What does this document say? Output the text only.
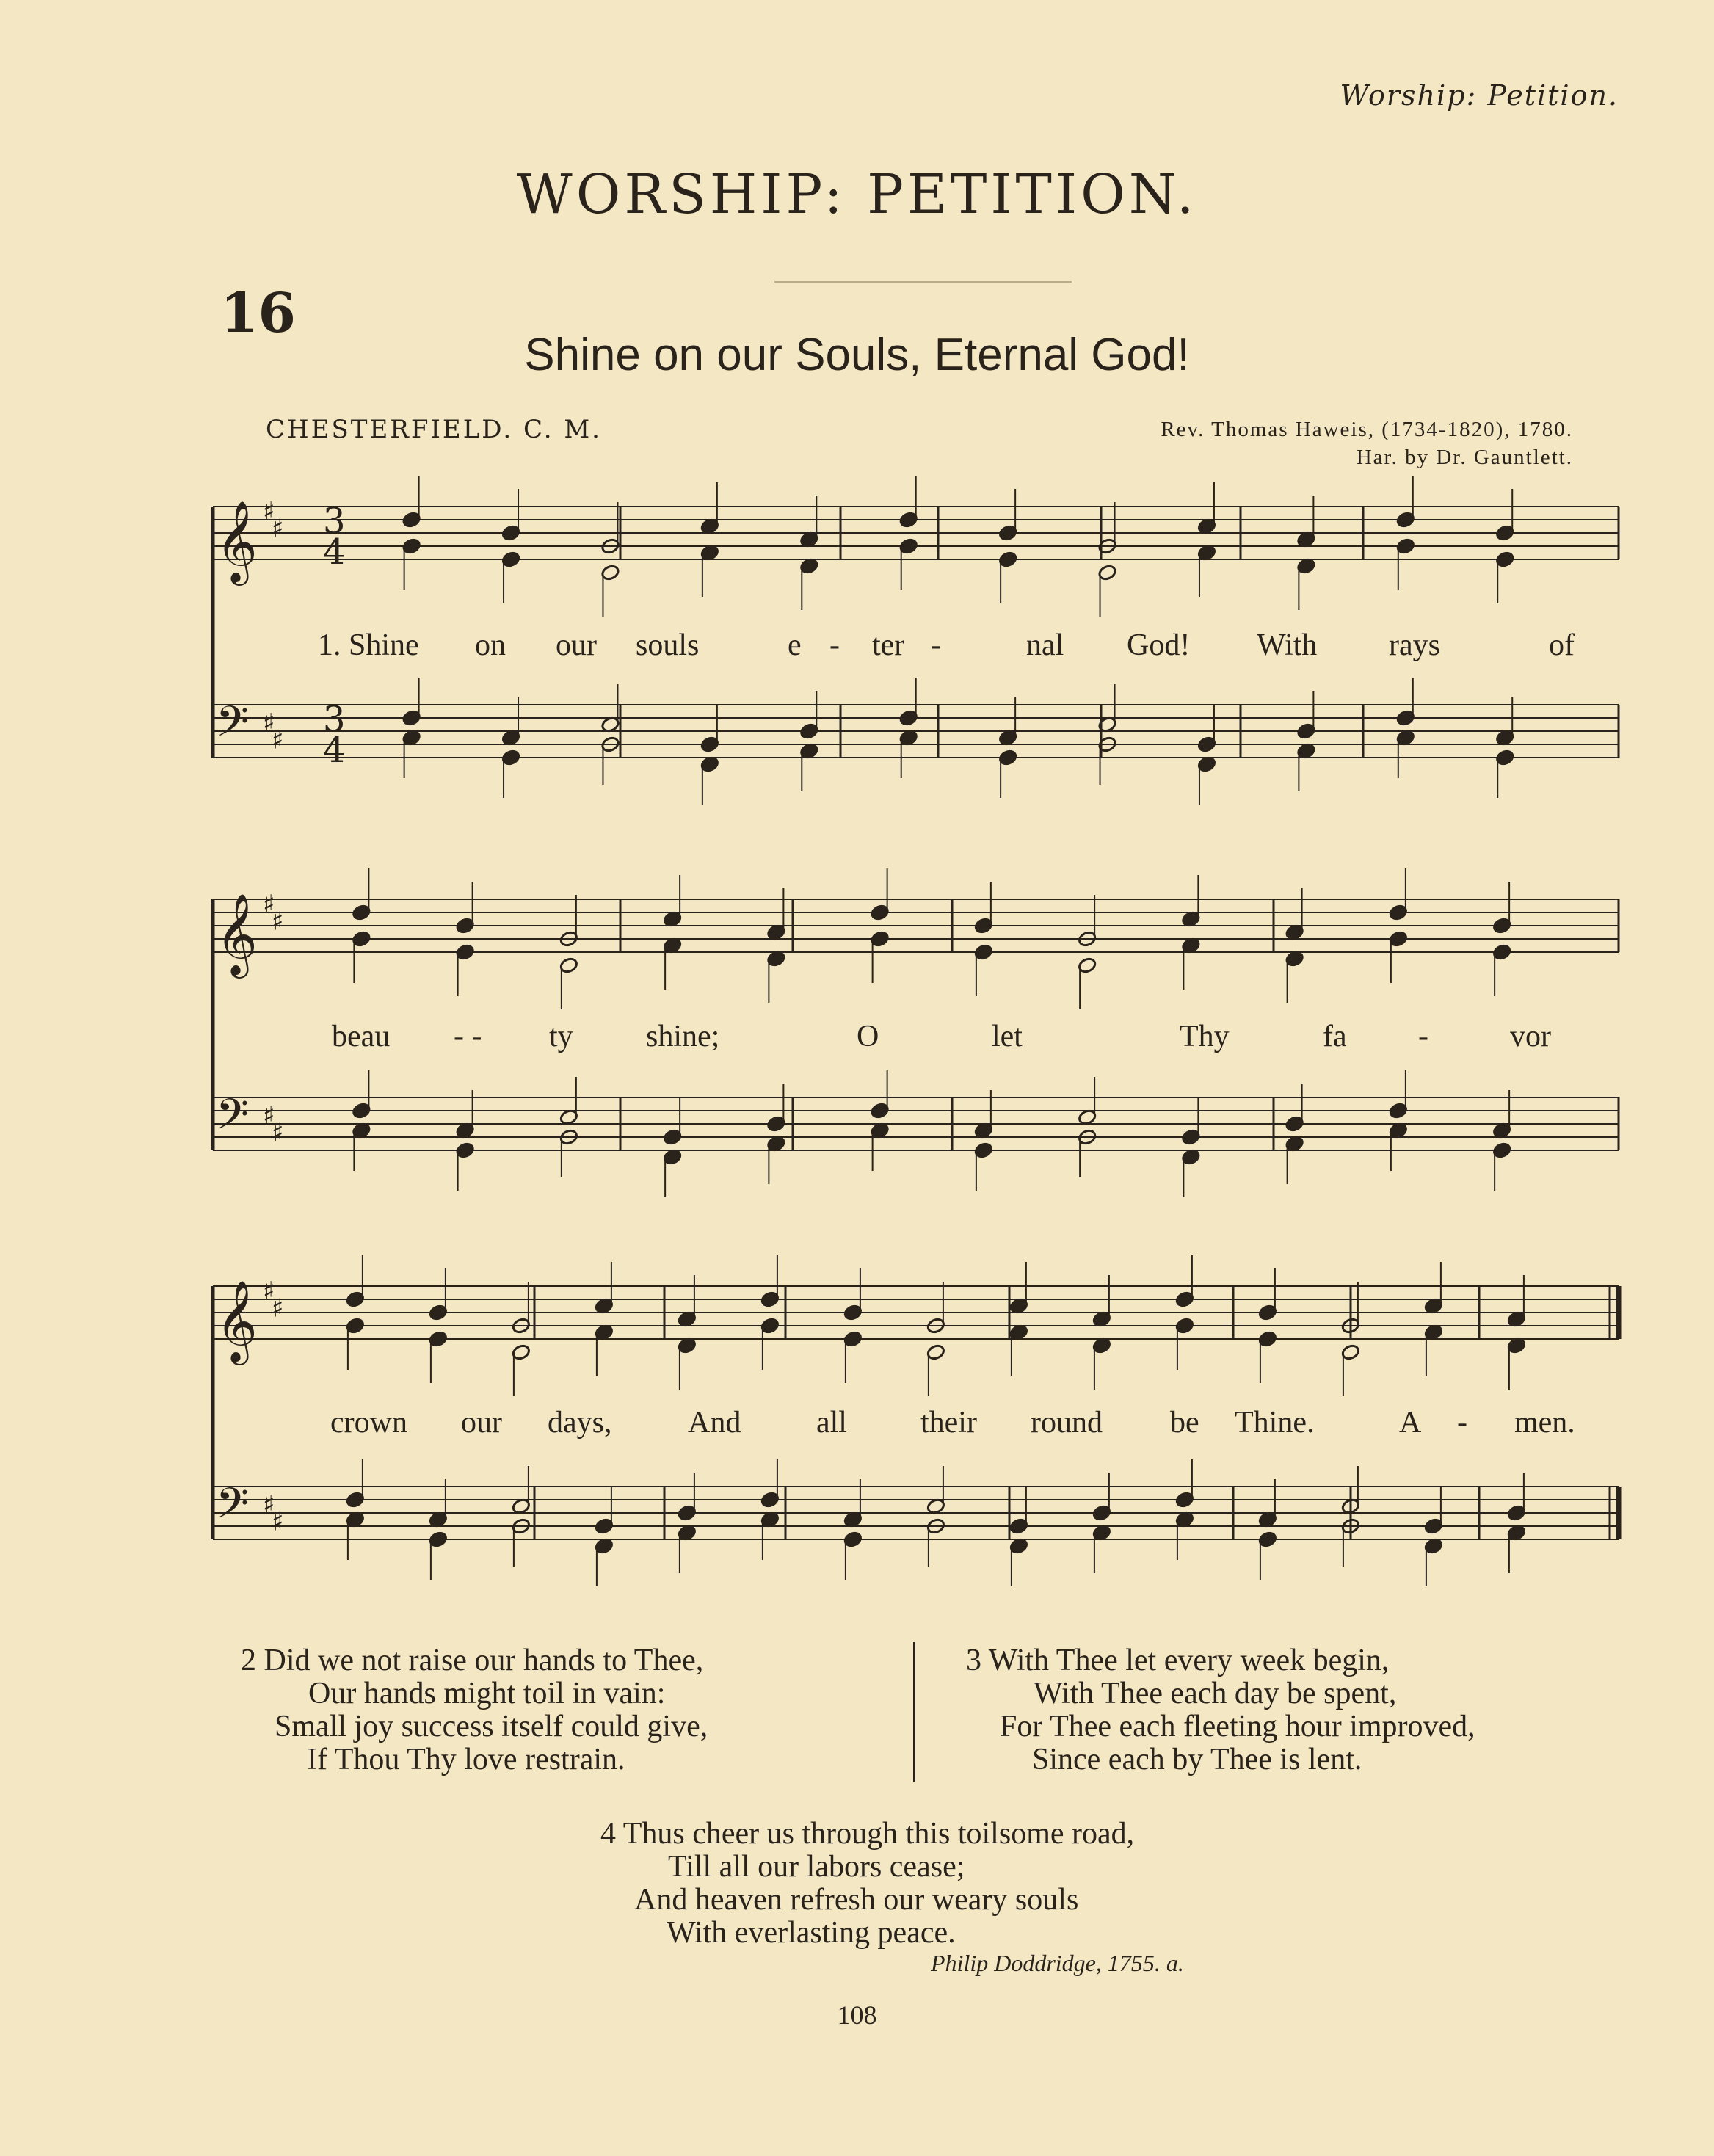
Worship: Petition.
WORSHIP: PETITION.
16
Shine on our Souls, Eternal God!
CHESTERFIELD. C. M.	Rev. Thomas Haweis, (1734-1820), 1780.
Har. by Dr. Gauntlett.
𝄞 ♯
♯
𝄢 ♯
♯
3
4
3
4
𝄞 ♯
♯
𝄢 ♯
♯
𝄞 ♯
♯
𝄢 ♯
♯
1. Shine on our souls	e - ter -	nal God! With rays	of
beau - - ty shine;	O	let	Thy	fa -	vor
crown our days, And all their round be Thine.	A - men.
2 Did we not raise our hands to Thee,
Our hands might toil in vain:
Small joy success itself could give,
If Thou Thy love restrain.
3 With Thee let every week begin,
With Thee each day be spent,
For Thee each fleeting hour improved,
Since each by Thee is lent.
4 Thus cheer us through this toilsome road,
Till all our labors cease;
And heaven refresh our weary souls
With everlasting peace.
Philip Doddridge, 1755. a.
108
